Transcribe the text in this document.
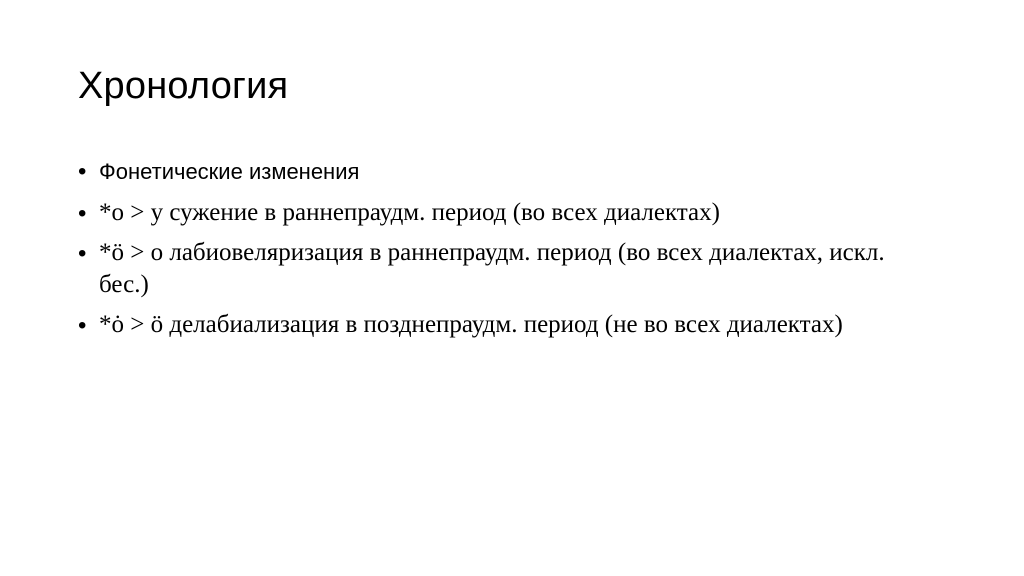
Хронология
• Фонетические изменения
• *o > у сужение в раннепраудм. период (во всех диалектах)
• *ö > о лабиовеляризация в раннепраудм. период (во всех диалектах, искл. бес.)
• *ȯ > ö делабиализация в позднепраудм. период (не во всех диалектах)
